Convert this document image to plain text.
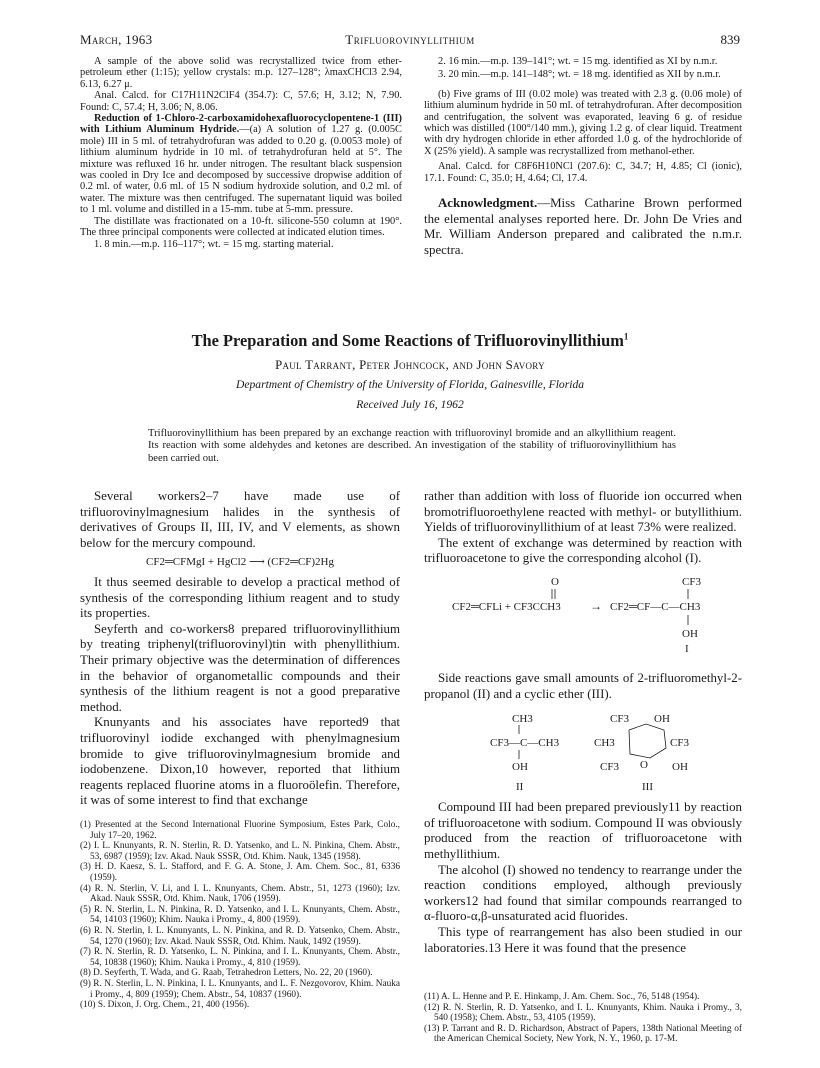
March, 1963	Trifluorovinyllithium	839

A sample of the above solid was recrystallized twice from ether-petroleum ether (1:15); yellow crystals: m.p. 127–128°; λmaxCHCl3 2.94, 6.13, 6.27 μ.

Anal. Calcd. for C17H11N2ClF4 (354.7): C, 57.6; H, 3.12; N, 7.90. Found: C, 57.4; H, 3.06; N, 8.06.

Reduction of 1-Chloro-2-carboxamidohexafluorocyclopentene-1 (III) with Lithium Aluminum Hydride.—(a) A solution of 1.27 g. (0.005C mole) III in 5 ml. of tetrahydrofuran was added to 0.20 g. (0.0053 mole) of lithium aluminum hydride in 10 ml. of tetrahydrofuran held at 5°. The mixture was refluxed 16 hr. under nitrogen. The resultant black suspension was cooled in Dry Ice and decomposed by successive dropwise addition of 0.2 ml. of water, 0.6 ml. of 15 N sodium hydroxide solution, and 0.2 ml. of water. The mixture was then centrifuged. The supernatant liquid was boiled to 1 ml. volume and distilled in a 15-mm. tube at 5-mm. pressure.

The distillate was fractionated on a 10-ft. silicone-550 column at 190°. The three principal components were collected at indicated elution times.

1. 8 min.—m.p. 116–117°; wt. = 15 mg. starting material.

2. 16 min.—m.p. 139–141°; wt. = 15 mg. identified as XI by n.m.r.

3. 20 min.—m.p. 141–148°; wt. = 18 mg. identified as XII by n.m.r.

(b) Five grams of III (0.02 mole) was treated with 2.3 g. (0.06 mole) of lithium aluminum hydride in 50 ml. of tetrahydrofuran. After decomposition and centrifugation, the solvent was evaporated, leaving 6 g. of residue which was distilled (100°/140 mm.), giving 1.2 g. of clear liquid. Treatment with dry hydrogen chloride in ether afforded 1.0 g. of the hydrochloride of X (25% yield). A sample was recrystallized from methanol-ether.

Anal. Calcd. for C8F6H10NCl (207.6): C, 34.7; H, 4.85; Cl (ionic), 17.1. Found: C, 35.0; H, 4.64; Cl, 17.4.

Acknowledgment.—Miss Catharine Brown performed the elemental analyses reported here. Dr. John De Vries and Mr. William Anderson prepared and calibrated the n.m.r. spectra.

The Preparation and Some Reactions of Trifluorovinyllithium$^1$
Paul Tarrant, Peter Johncock, and John Savory
Department of Chemistry of the University of Florida, Gainesville, Florida
Received July 16, 1962
Trifluorovinyllithium has been prepared by an exchange reaction with trifluorovinyl bromide and an alkyllithium reagent. Its reaction with some aldehydes and ketones are described. An investigation of the stability of trifluorovinyllithium has been carried out.

Several workers2–7 have made use of trifluorovinylmagnesium halides in the synthesis of derivatives of Groups II, III, IV, and V elements, as shown below for the mercury compound.

CF2═CFMgI + HgCl2 ⟶ (CF2═CF)2Hg

It thus seemed desirable to develop a practical method of synthesis of the corresponding lithium reagent and to study its properties.

Seyferth and co-workers8 prepared trifluorovinyllithium by treating triphenyl(trifluorovinyl)tin with phenyllithium. Their primary objective was the determination of differences in the behavior of organometallic compounds and their synthesis of the lithium reagent is not a good preparative method.

Knunyants and his associates have reported9 that trifluorovinyl iodide exchanged with phenylmagnesium bromide to give trifluorovinylmagnesium bromide and iodobenzene. Dixon,10 however, reported that lithium reagents replaced fluorine atoms in a fluoroölefin. Therefore, it was of some interest to find that exchange

rather than addition with loss of fluoride ion occurred when bromotrifluoroethylene reacted with methyl- or butyllithium. Yields of trifluorovinyllithium of at least 73% were realized.

The extent of exchange was determined by reaction with trifluoroacetone to give the corresponding alcohol (I).

O	CF3
CF2═CFLi + CF3CCH3 → CF2═CF—C—CH3
OH
I

Side reactions gave small amounts of 2-trifluoromethyl-2-propanol (II) and a cyclic ether (III).

CH3
CF3—C—CH3
OH
II
CF3 OH
CH3	CF3
CF3 O OH
III

Compound III had been prepared previously11 by reaction of trifluoroacetone with sodium. Compound II was obviously produced from the reaction of trifluoroacetone with methyllithium.

The alcohol (I) showed no tendency to rearrange under the reaction conditions employed, although previously workers12 had found that similar compounds rearranged to α-fluoro-α,β-unsaturated acid fluorides.

This type of rearrangement has also been studied in our laboratories.13 Here it was found that the presence

(1) Presented at the Second International Fluorine Symposium, Estes Park, Colo., July 17–20, 1962.

(2) I. L. Knunyants, R. N. Sterlin, R. D. Yatsenko, and L. N. Pinkina, Chem. Abstr., 53, 6987 (1959); Izv. Akad. Nauk SSSR, Otd. Khim. Nauk, 1345 (1958).

(3) H. D. Kaesz, S. L. Stafford, and F. G. A. Stone, J. Am. Chem. Soc., 81, 6336 (1959).

(4) R. N. Sterlin, V. Li, and I. L. Knunyants, Chem. Abstr., 51, 1273 (1960); Izv. Akad. Nauk SSSR, Otd. Khim. Nauk, 1706 (1959).

(5) R. N. Sterlin, L. N. Pinkina, R. D. Yatsenko, and I. L. Knunyants, Chem. Abstr., 54, 14103 (1960); Khim. Nauka i Promy., 4, 800 (1959).

(6) R. N. Sterlin, I. L. Knunyants, L. N. Pinkina, and R. D. Yatsenko, Chem. Abstr., 54, 1270 (1960); Izv. Akad. Nauk SSSR, Otd. Khim. Nauk, 1492 (1959).

(7) R. N. Sterlin, R. D. Yatsenko, L. N. Pinkina, and I. L. Knunyants, Chem. Abstr., 54, 10838 (1960); Khim. Nauka i Promy., 4, 810 (1959).

(8) D. Seyferth, T. Wada, and G. Raab, Tetrahedron Letters, No. 22, 20 (1960).

(9) R. N. Sterlin, L. N. Pinkina, I. L. Knunyants, and L. F. Nezgovorov, Khim. Nauka i Promy., 4, 809 (1959); Chem. Abstr., 54, 10837 (1960).

(10) S. Dixon, J. Org. Chem., 21, 400 (1956).

(11) A. L. Henne and P. E. Hinkamp, J. Am. Chem. Soc., 76, 5148 (1954).

(12) R. N. Sterlin, R. D. Yatsenko, and I. L. Knunyants, Khim. Nauka i Promy., 3, 540 (1958); Chem. Abstr., 53, 4105 (1959).

(13) P. Tarrant and R. D. Richardson, Abstract of Papers, 138th National Meeting of the American Chemical Society, New York, N. Y., 1960, p. 17-M.
